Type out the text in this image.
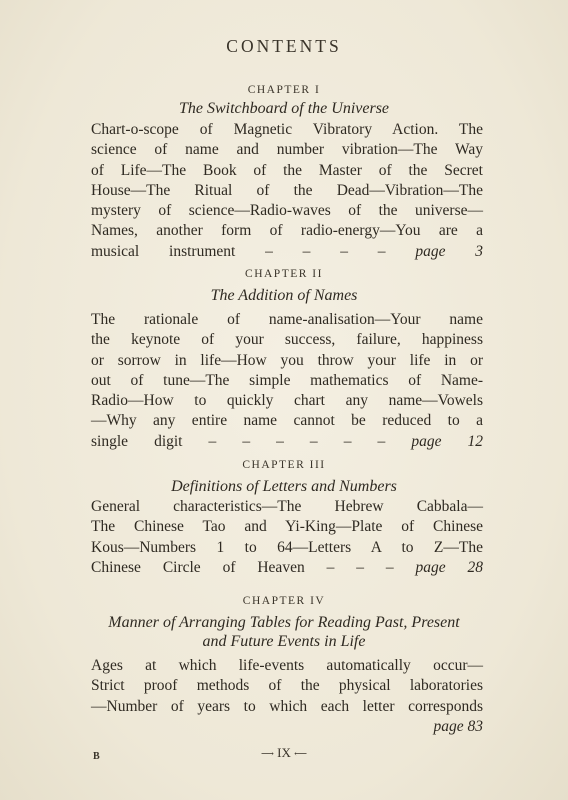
CONTENTS
CHAPTER I
The Switchboard of the Universe
Chart-o-scope of Magnetic Vibratory Action. The
science of name and number vibration—The Way
of Life—The Book of the Master of the Secret
House—The Ritual of the Dead—Vibration—The
mystery of science—Radio-waves of the universe—
Names, another form of radio-energy—You are a
musical instrument – – – – page 3
CHAPTER II
The Addition of Names
The rationale of name-analisation—Your name
the keynote of your success, failure, happiness
or sorrow in life—How you throw your life in or
out of tune—The simple mathematics of Name-
Radio—How to quickly chart any name—Vowels
—Why any entire name cannot be reduced to a
single digit – – – – – – page 12
CHAPTER III
Definitions of Letters and Numbers
General characteristics—The Hebrew Cabbala—
The Chinese Tao and Yi-King—Plate of Chinese
Kous—Numbers 1 to 64—Letters A to Z—The
Chinese Circle of Heaven – – – page 28
CHAPTER IV
Manner of Arranging Tables for Reading Past, Present
and Future Events in Life
Ages at which life-events automatically occur—
Strict proof methods of the physical laboratories
—Number of years to which each letter corresponds
page 83
B	⟶ IX ⟵
